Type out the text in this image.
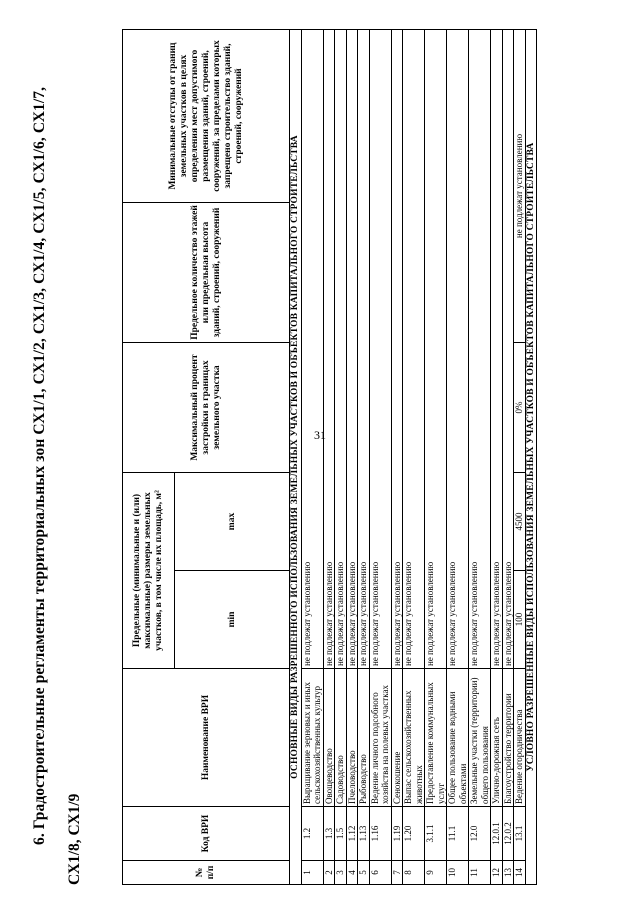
31
6. Градостроительные регламенты территориальных зон СХ1/1, СХ1/2, СХ1/3, СХ1/4, СХ1/5, СХ1/6, СХ1/7,	СХ1/8, СХ1/9	№ п/п	Код ВРИ	Наименование ВРИ	Предельные (минимальные и (или) максимальные) размеры земельных участков, в том числе их площадь, м²		Максимальный процент застройки в границах земельного участка	Предельное количество этажей или предельная высота зданий, строений, сооружений	Минимальные отступы от границ земельных участков в целях определения мест допустимого размещения зданий, строений, сооружений, за пределами которых запрещено строительство зданий, строений, сооружений
			min	max			
ОСНОВНЫЕ ВИДЫ РАЗРЕШЕННОГО ИСПОЛЬЗОВАНИЯ ЗЕМЕЛЬНЫХ УЧАСТКОВ И ОБЪЕКТОВ КАПИТАЛЬНОГО СТРОИТЕЛЬСТВА							
1	1.2	Выращивание зерновых и иных сельскохозяйственных культур	не подлежат установлению				
2	1.3	Овощеводство	не подлежат установлению				
3	1.5	Садоводство	не подлежат установлению				
4	1.12	Пчеловодство	не подлежат установлению				
5	1.13	Рыбоводство	не подлежат установлению				
6	1.16	Ведение личного подсобного хозяйства на полевых участках	не подлежат установлению				
7	1.19	Сенокошение	не подлежат установлению				
8	1.20	Выпас сельскохозяйственных животных	не подлежат установлению				
9	3.1.1	Предоставление коммунальных услуг	не подлежат установлению				
10	11.1	Общее пользование водными объектами	не подлежат установлению				
11	12.0	Земельные участки (территории) общего пользования	не подлежат установлению				
12	12.0.1	Улично-дорожная сеть	не подлежат установлению				
13	12.0.2	Благоустройство территории	не подлежат установлению				
14	13.1	Ведение огородничества	100	4500	0%	не подлежат установлению	
УСЛОВНО РАЗРЕШЕННЫЕ ВИДЫ ИСПОЛЬЗОВАНИЯ ЗЕМЕЛЬНЫХ УЧАСТКОВ И ОБЪЕКТОВ КАПИТАЛЬНОГО СТРОИТЕЛЬСТВА							
